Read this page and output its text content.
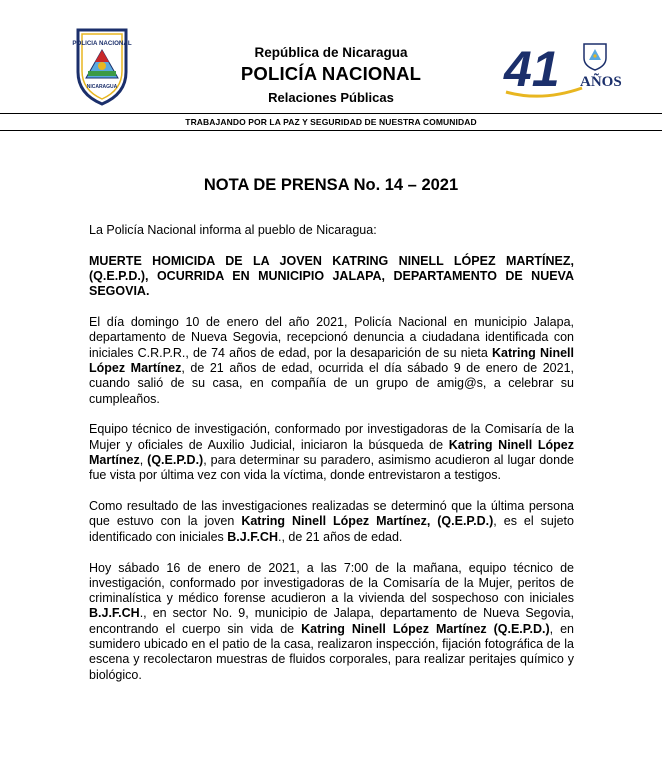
POLICIA NACIONAL
NICARAGUA
República de Nicaragua
POLICÍA NACIONAL
Relaciones Públicas
41 AÑOS
TRABAJANDO POR LA PAZ Y SEGURIDAD DE NUESTRA COMUNIDAD
NOTA DE PRENSA No. 14 – 2021

La Policía Nacional informa al pueblo de Nicaragua:

MUERTE HOMICIDA DE LA JOVEN KATRING NINELL LÓPEZ MARTÍNEZ, (Q.E.P.D.), OCURRIDA EN MUNICIPIO JALAPA, DEPARTAMENTO DE NUEVA SEGOVIA.

El día domingo 10 de enero del año 2021, Policía Nacional en municipio Jalapa, departamento de Nueva Segovia, recepcionó denuncia a ciudadana identificada con iniciales C.R.P.R., de 74 años de edad, por la desaparición de su nieta Katring Ninell López Martínez, de 21 años de edad, ocurrida el día sábado 9 de enero de 2021, cuando salió de su casa, en compañía de un grupo de amig@s, a celebrar su cumpleaños.

Equipo técnico de investigación, conformado por investigadoras de la Comisaría de la Mujer y oficiales de Auxilio Judicial, iniciaron la búsqueda de Katring Ninell López Martínez, (Q.E.P.D.), para determinar su paradero, asimismo acudieron al lugar donde fue vista por última vez con vida la víctima, donde entrevistaron a testigos.

Como resultado de las investigaciones realizadas se determinó que la última persona que estuvo con la joven Katring Ninell López Martínez, (Q.E.P.D.), es el sujeto identificado con iniciales B.J.F.CH., de 21 años de edad.

Hoy sábado 16 de enero de 2021, a las 7:00 de la mañana, equipo técnico de investigación, conformado por investigadoras de la Comisaría de la Mujer, peritos de criminalística y médico forense acudieron a la vivienda del sospechoso con iniciales B.J.F.CH., en sector No. 9, municipio de Jalapa, departamento de Nueva Segovia, encontrando el cuerpo sin vida de Katring Ninell López Martínez (Q.E.P.D.), en sumidero ubicado en el patio de la casa, realizaron inspección, fijación fotográfica de la escena y recolectaron muestras de fluidos corporales, para realizar peritajes químico y biológico.
